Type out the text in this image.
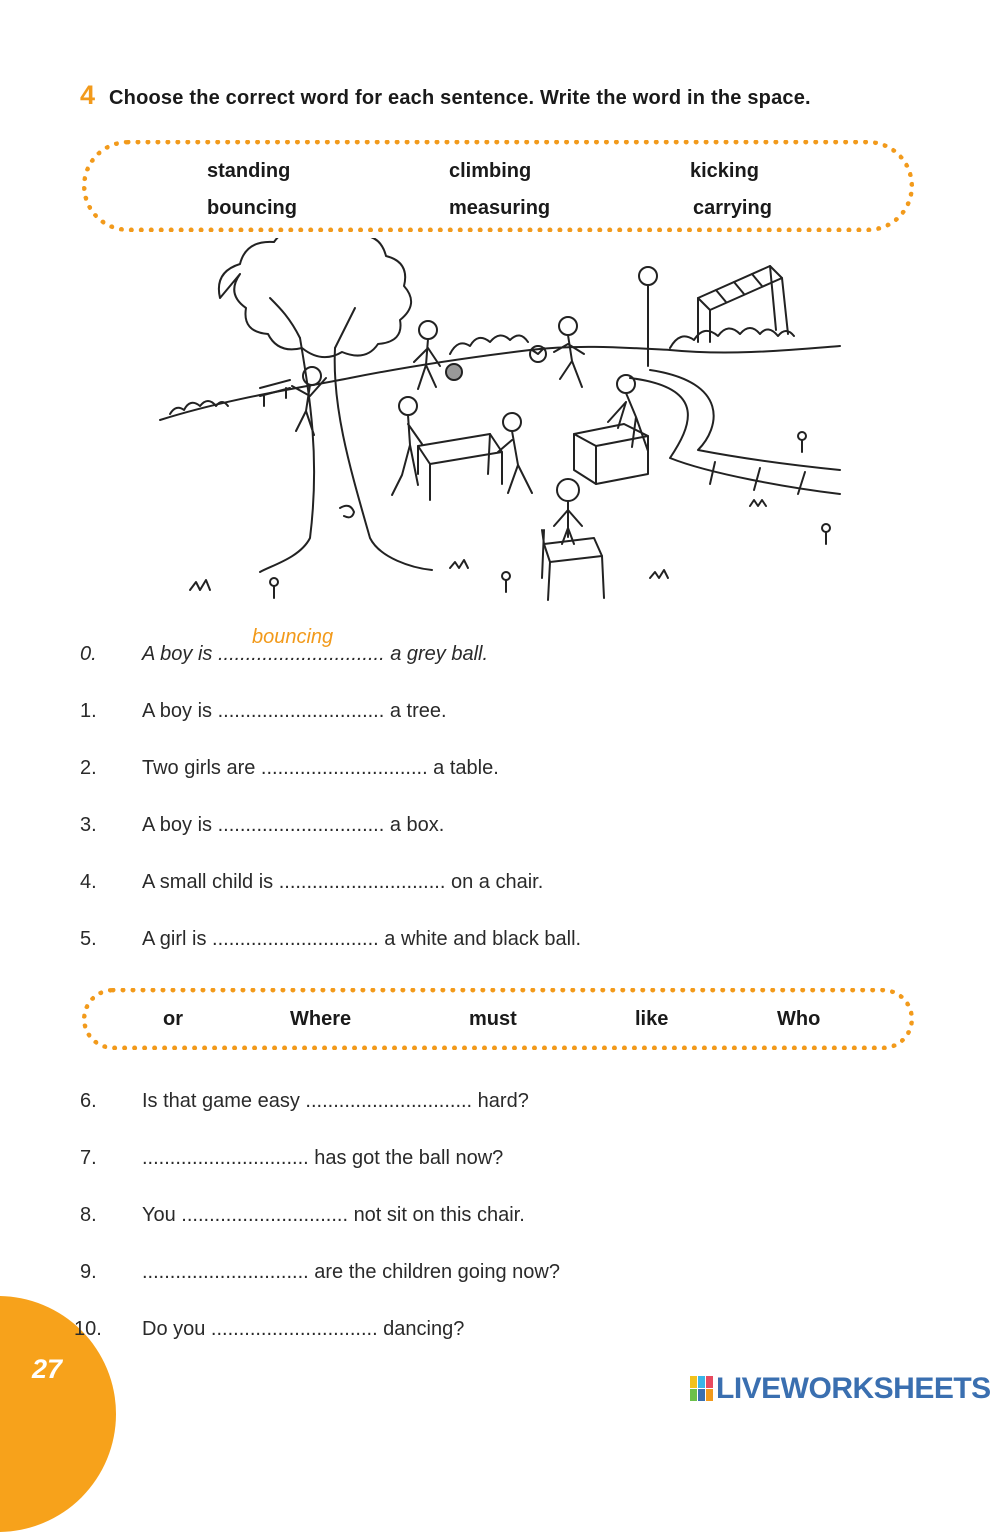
4 Choose the correct word for each sentence. Write the word in the space.
standing	climbing	kicking
bouncing	measuring	carrying
0. A boy is .............................. a grey ball.
bouncing
1. A boy is .............................. a tree.
2. Two girls are .............................. a table.
3. A boy is .............................. a box.
4. A small child is .............................. on a chair.
5. A girl is .............................. a white and black ball.
or	Where	must	like	Who
6. Is that game easy .............................. hard?
7. .............................. has got the ball now?
8. You .............................. not sit on this chair.
9. .............................. are the children going now?
27
10. Do you .............................. dancing?
LIVEWORKSHEETS
